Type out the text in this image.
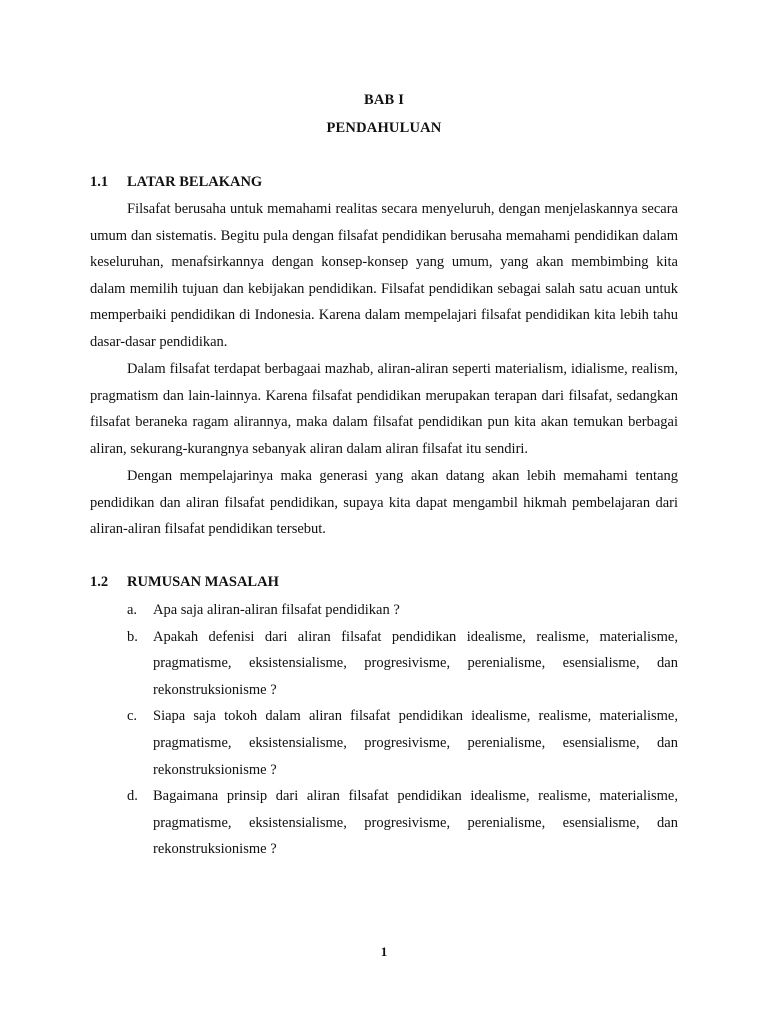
BAB I
PENDAHULUAN
1.1 LATAR BELAKANG

Filsafat berusaha untuk memahami realitas secara menyeluruh, dengan menjelaskannya secara umum dan sistematis. Begitu pula dengan filsafat pendidikan berusaha memahami pendidikan dalam keseluruhan, menafsirkannya dengan konsep-konsep yang umum, yang akan membimbing kita dalam memilih tujuan dan kebijakan pendidikan. Filsafat pendidikan sebagai salah satu acuan untuk memperbaiki pendidikan di Indonesia. Karena dalam mempelajari filsafat pendidikan kita lebih tahu dasar-dasar pendidikan.

Dalam filsafat terdapat berbagaai mazhab, aliran-aliran seperti materialism, idialisme, realism, pragmatism dan lain-lainnya. Karena filsafat pendidikan merupakan terapan dari filsafat, sedangkan filsafat beraneka ragam alirannya, maka dalam filsafat pendidikan pun kita akan temukan berbagai aliran, sekurang-kurangnya sebanyak aliran dalam aliran filsafat itu sendiri.

Dengan mempelajarinya maka generasi yang akan datang akan lebih memahami tentang pendidikan dan aliran filsafat pendidikan, supaya kita dapat mengambil hikmah pembelajaran dari aliran-aliran filsafat pendidikan tersebut.

1.2 RUMUSAN MASALAH
a. Apa saja aliran-aliran filsafat pendidikan ?
b. Apakah defenisi dari aliran filsafat pendidikan idealisme, realisme, materialisme, pragmatisme, eksistensialisme, progresivisme, perenialisme, esensialisme, dan rekonstruksionisme ?
c. Siapa saja tokoh dalam aliran filsafat pendidikan idealisme, realisme, materialisme, pragmatisme, eksistensialisme, progresivisme, perenialisme, esensialisme, dan rekonstruksionisme ?
d. Bagaimana prinsip dari aliran filsafat pendidikan idealisme, realisme, materialisme, pragmatisme, eksistensialisme, progresivisme, perenialisme, esensialisme, dan rekonstruksionisme ?
1
